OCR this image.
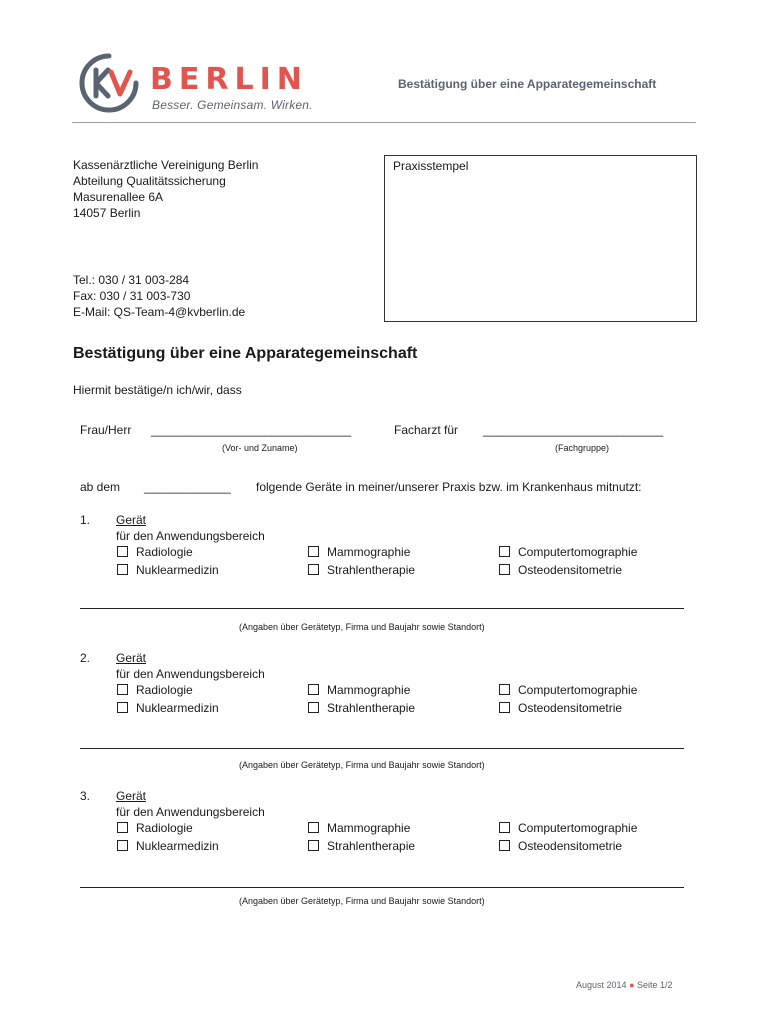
BERLIN
Besser. Gemeinsam. Wirken.
Bestätigung über eine Apparategemeinschaft
Kassenärztliche Vereinigung Berlin
Abteilung Qualitätssicherung
Masurenallee 6A
14057 Berlin
Tel.: 030 / 31 003-284
Fax: 030 / 31 003-730
E-Mail: QS-Team-4@kvberlin.de
Praxisstempel
Bestätigung über eine Apparategemeinschaft
Hiermit bestätige/n ich/wir, dass
Frau/Herr ______________________________
(Vor- und Zuname)
Facharzt für ___________________________
(Fachgruppe)
ab dem _____________ folgende Geräte in meiner/unserer Praxis bzw. im Krankenhaus mitnutzt:
1. Gerät
für den Anwendungsbereich
Radiologie
Nuklearmedizin
Mammographie
Strahlentherapie
Computertomographie
Osteodensitometrie
(Angaben über Gerätetyp, Firma und Baujahr sowie Standort)
2. Gerät
für den Anwendungsbereich
Radiologie
Nuklearmedizin
Mammographie
Strahlentherapie
Computertomographie
Osteodensitometrie
(Angaben über Gerätetyp, Firma und Baujahr sowie Standort)
3. Gerät
für den Anwendungsbereich
Radiologie
Nuklearmedizin
Mammographie
Strahlentherapie
Computertomographie
Osteodensitometrie
(Angaben über Gerätetyp, Firma und Baujahr sowie Standort)
August 2014 ● Seite 1/2
